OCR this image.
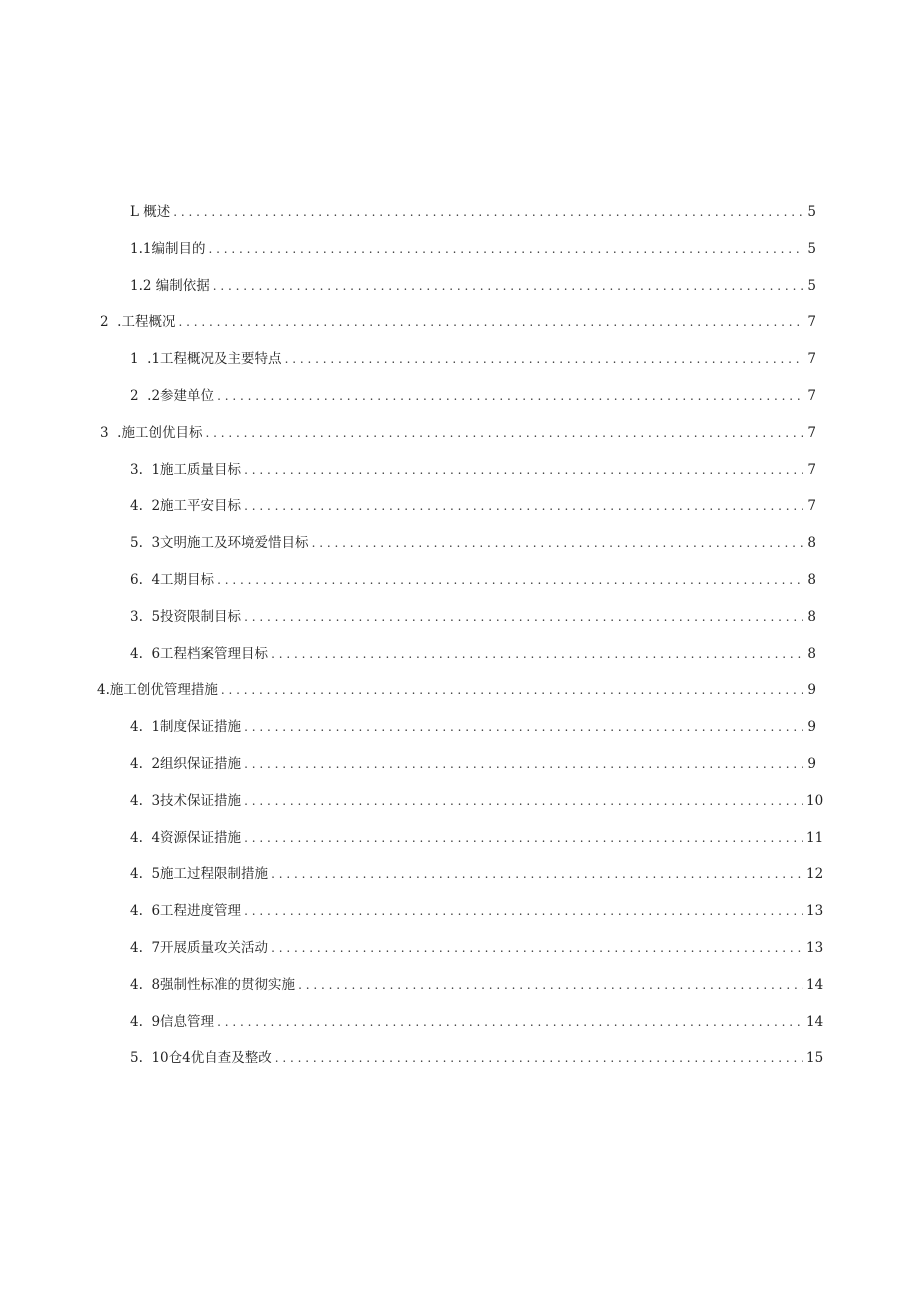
L 概述 . . .	5
1.1 编制目的 . . .	5
1.2 编制依据 . . .	5
2 .工程概况 . . .	7
1 .1工程概况及主要特点 . . .	7
2 .2参建单位 . . .	7
3 .施工创优目标 . . .	7
3. 1施工质量目标 . . .	7
4. 2施工平安目标 . . .	7
5. 3文明施工及环境爱惜目标 . . .	8
6. 4工期目标 . . .	8
3. 5投资限制目标 . . .	8
4. 6工程档案管理目标 . . .	8
4. 施工创优管理措施 . . .	9
4. 1制度保证措施 . . .	9
4. 2组织保证措施 . . .	9
4. 3技术保证措施 . . .	10
4. 4资源保证措施 . . .	11
4. 5施工过程限制措施 . . .	12
4. 6工程进度管理 . . .	13
4. 7开展质量攻关活动 . . .	13
4. 8强制性标准的贯彻实施 . . .	14
4. 9信息管理 . . .	14
5. 10仓4优自查及整改 . . .	15
